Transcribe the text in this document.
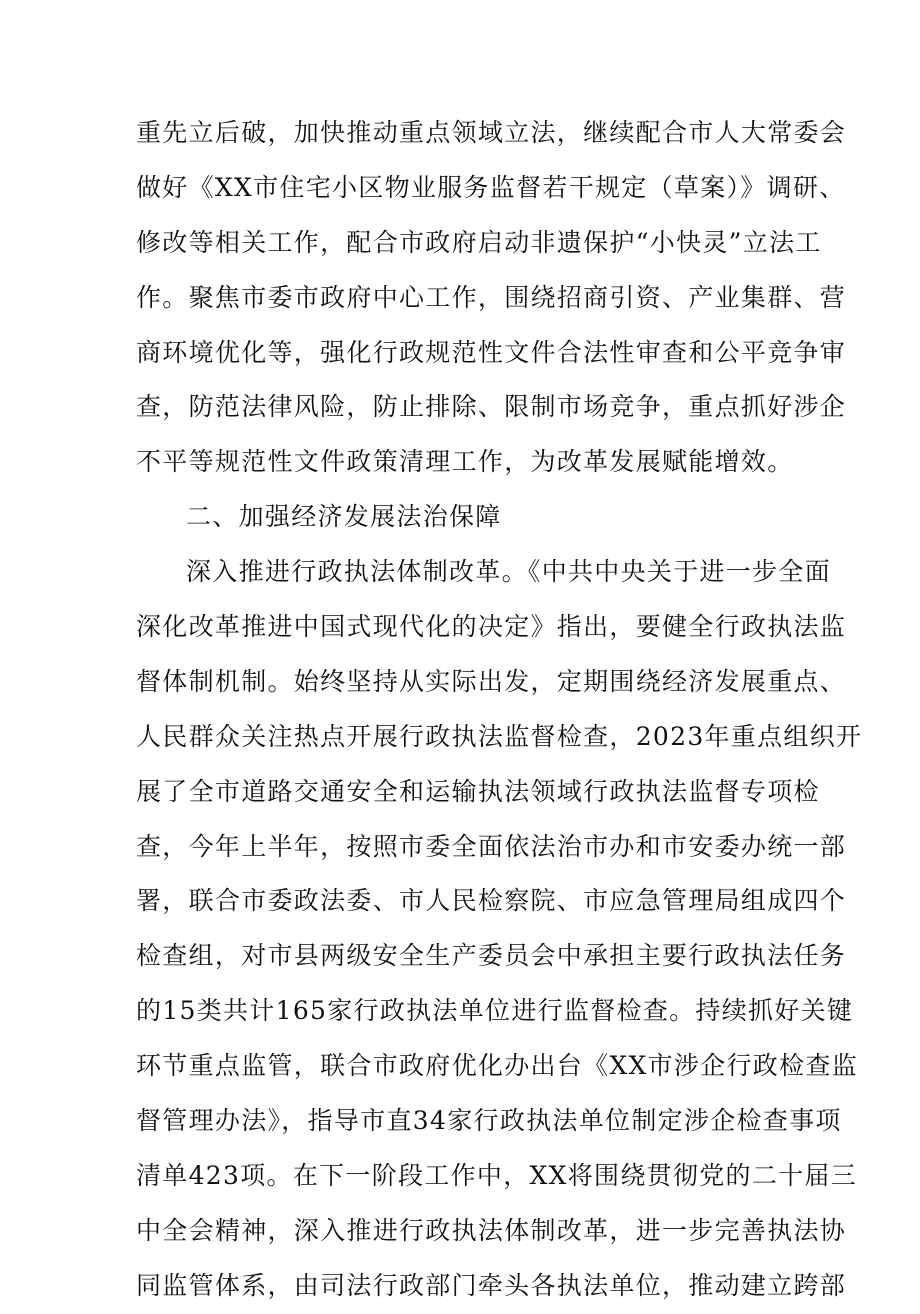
重先立后破，加快推动重点领域立法，继续配合市人大常委会
做好《XX市住宅小区物业服务监督若干规定（草案）》调研、
修改等相关工作，配合市政府启动非遗保护“小快灵”立法工
作。聚焦市委市政府中心工作，围绕招商引资、产业集群、营
商环境优化等，强化行政规范性文件合法性审查和公平竞争审
查，防范法律风险，防止排除、限制市场竞争，重点抓好涉企
不平等规范性文件政策清理工作，为改革发展赋能增效。
二、加强经济发展法治保障
深入推进行政执法体制改革。《中共中央关于进一步全面
深化改革推进中国式现代化的决定》指出，要健全行政执法监
督体制机制。始终坚持从实际出发，定期围绕经济发展重点、
人民群众关注热点开展行政执法监督检查，2023年重点组织开
展了全市道路交通安全和运输执法领域行政执法监督专项检
查，今年上半年，按照市委全面依法治市办和市安委办统一部
署，联合市委政法委、市人民检察院、市应急管理局组成四个
检查组，对市县两级安全生产委员会中承担主要行政执法任务
的15类共计165家行政执法单位进行监督检查。持续抓好关键
环节重点监管，联合市政府优化办出台《XX市涉企行政检查监
督管理办法》，指导市直34家行政执法单位制定涉企检查事项
清单423项。在下一阶段工作中，XX将围绕贯彻党的二十届三
中全会精神，深入推进行政执法体制改革，进一步完善执法协
同监管体系，由司法行政部门牵头各执法单位，推动建立跨部
